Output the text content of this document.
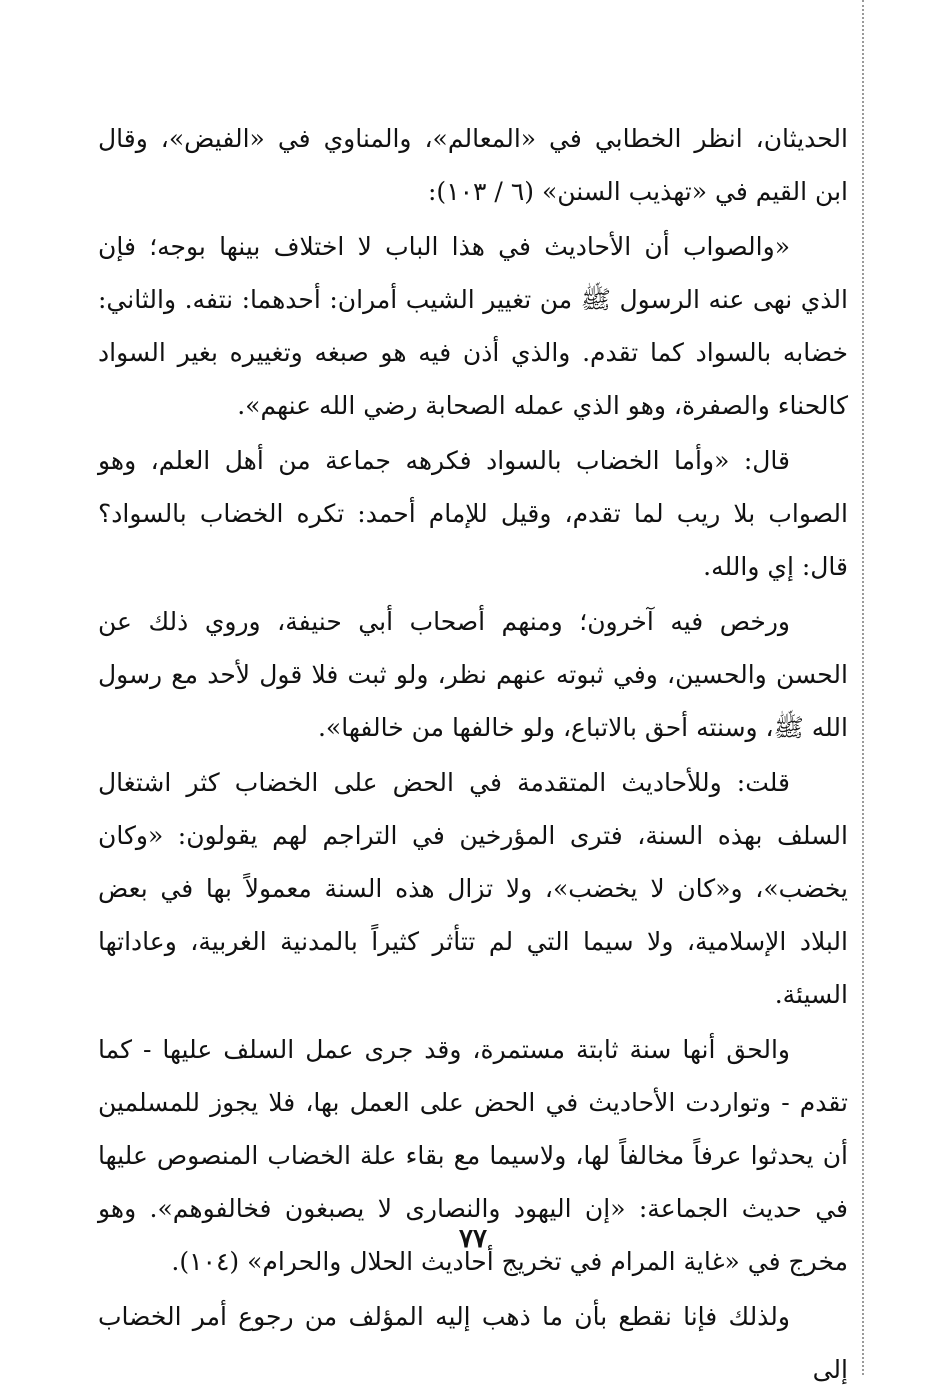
الحديثان، انظر الخطابي في «المعالم»، والمناوي في «الفيض»، وقال ابن القيم في «تهذيب السنن» (٦ / ١٠٣):

«والصواب أن الأحاديث في هذا الباب لا اختلاف بينها بوجه؛ فإن الذي نهى عنه الرسول ﷺ من تغيير الشيب أمران: أحدهما: نتفه. والثاني: خضابه بالسواد كما تقدم. والذي أذن فيه هو صبغه وتغييره بغير السواد كالحناء والصفرة، وهو الذي عمله الصحابة رضي الله عنهم».

قال: «وأما الخضاب بالسواد فكرهه جماعة من أهل العلم، وهو الصواب بلا ريب لما تقدم، وقيل للإمام أحمد: تكره الخضاب بالسواد؟ قال: إي والله.

ورخص فيه آخرون؛ ومنهم أصحاب أبي حنيفة، وروي ذلك عن الحسن والحسين، وفي ثبوته عنهم نظر، ولو ثبت فلا قول لأحد مع رسول الله ﷺ، وسنته أحق بالاتباع، ولو خالفها من خالفها».

قلت: وللأحاديث المتقدمة في الحض على الخضاب كثر اشتغال السلف بهذه السنة، فترى المؤرخين في التراجم لهم يقولون: «وكان يخضب»، و«كان لا يخضب»، ولا تزال هذه السنة معمولاً بها في بعض البلاد الإسلامية، ولا سيما التي لم تتأثر كثيراً بالمدنية الغربية، وعاداتها السيئة.

والحق أنها سنة ثابتة مستمرة، وقد جرى عمل السلف عليها - كما تقدم - وتواردت الأحاديث في الحض على العمل بها، فلا يجوز للمسلمين أن يحدثوا عرفاً مخالفاً لها، ولاسيما مع بقاء علة الخضاب المنصوص عليها في حديث الجماعة: «إن اليهود والنصارى لا يصبغون فخالفوهم». وهو مخرج في «غاية المرام في تخريج أحاديث الحلال والحرام» (١٠٤).

ولذلك فإنا نقطع بأن ما ذهب إليه المؤلف من رجوع أمر الخضاب إلى

٧٧
